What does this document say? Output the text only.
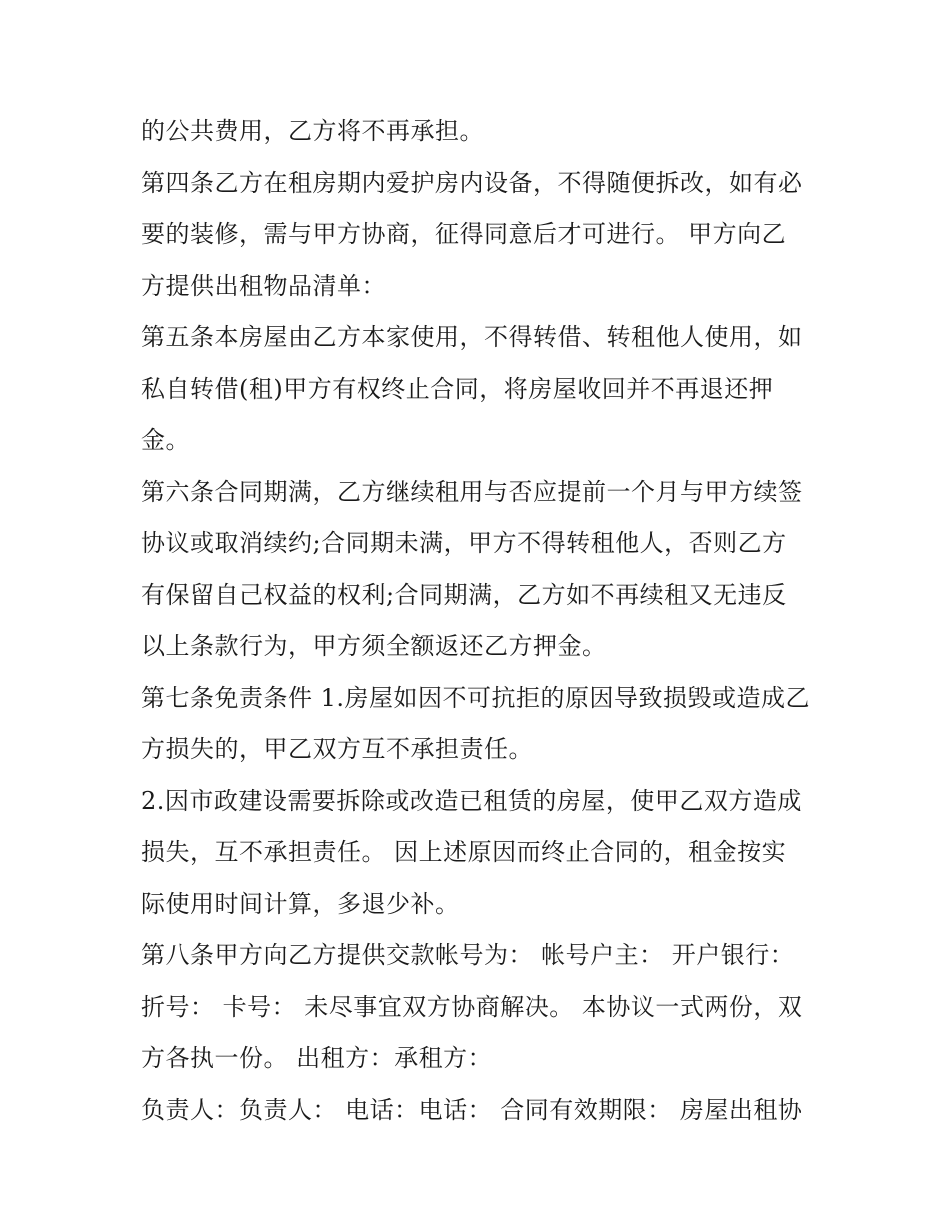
的公共费用，乙方将不再承担。
第四条乙方在租房期内爱护房内设备，不得随便拆改，如有必
要的装修，需与甲方协商，征得同意后才可进行。 甲方向乙
方提供出租物品清单：
第五条本房屋由乙方本家使用，不得转借、转租他人使用，如
私自转借(租)甲方有权终止合同，将房屋收回并不再退还押
金。
第六条合同期满，乙方继续租用与否应提前一个月与甲方续签
协议或取消续约;合同期未满，甲方不得转租他人，否则乙方
有保留自己权益的权利;合同期满，乙方如不再续租又无违反
以上条款行为，甲方须全额返还乙方押金。
第七条免责条件 1.房屋如因不可抗拒的原因导致损毁或造成乙
方损失的，甲乙双方互不承担责任。
2.因市政建设需要拆除或改造已租赁的房屋，使甲乙双方造成
损失，互不承担责任。 因上述原因而终止合同的，租金按实
际使用时间计算，多退少补。
第八条甲方向乙方提供交款帐号为： 帐号户主： 开户银行：
折号： 卡号： 未尽事宜双方协商解决。 本协议一式两份，双
方各执一份。 出租方：承租方：
负责人：负责人： 电话：电话： 合同有效期限： 房屋出租协
